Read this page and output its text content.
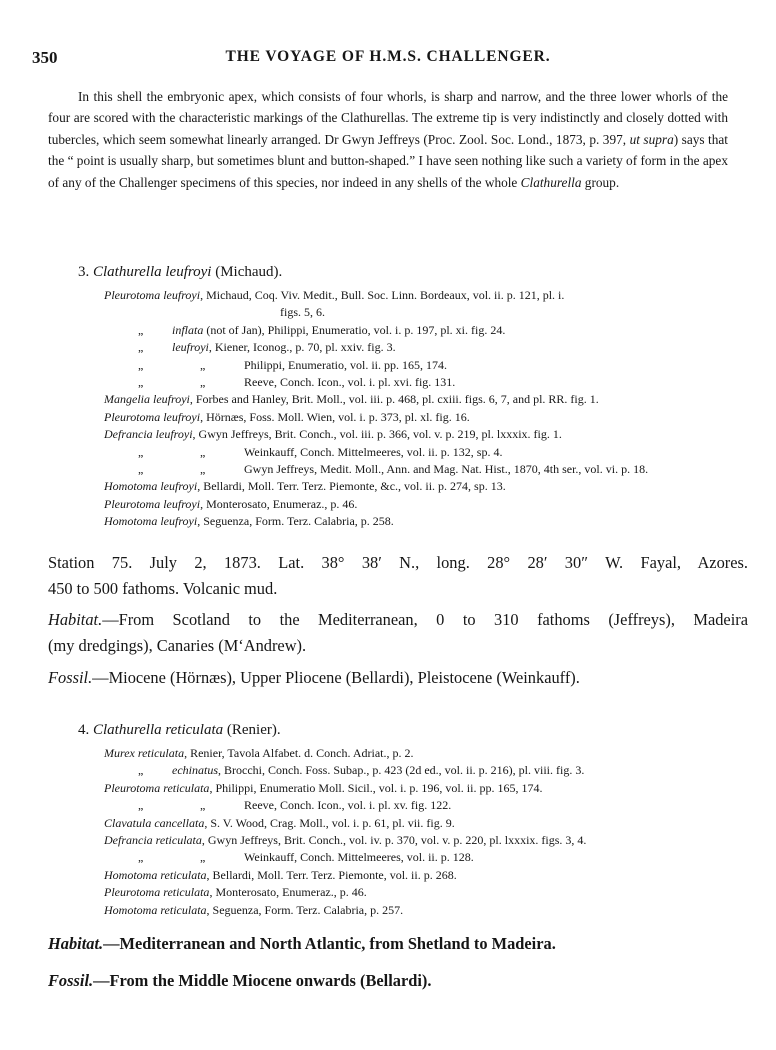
350	THE VOYAGE OF H.M.S. CHALLENGER.

In this shell the embryonic apex, which consists of four whorls, is sharp and narrow, and the three lower whorls of the four are scored with the characteristic markings of the Clathurellas. The extreme tip is very indistinctly and closely dotted with tubercles, which seem somewhat linearly arranged. Dr Gwyn Jeffreys (Proc. Zool. Soc. Lond., 1873, p. 397, ut supra) says that the “ point is usually sharp, but sometimes blunt and button-shaped.” I have seen nothing like such a variety of form in the apex of any of the Challenger specimens of this species, nor indeed in any shells of the whole Clathurella group.

3. Clathurella leufroyi (Michaud).
Pleurotoma leufroyi, Michaud, Coq. Viv. Medit., Bull. Soc. Linn. Bordeaux, vol. ii. p. 121, pl. i.
figs. 5, 6.
„ inflata (not of Jan), Philippi, Enumeratio, vol. i. p. 197, pl. xi. fig. 24.
„ leufroyi, Kiener, Iconog., p. 70, pl. xxiv. fig. 3.
„	„	Philippi, Enumeratio, vol. ii. pp. 165, 174.
„	„	Reeve, Conch. Icon., vol. i. pl. xvi. fig. 131.
Mangelia leufroyi, Forbes and Hanley, Brit. Moll., vol. iii. p. 468, pl. cxiii. figs. 6, 7, and pl. RR. fig. 1.
Pleurotoma leufroyi, Hörnæs, Foss. Moll. Wien, vol. i. p. 373, pl. xl. fig. 16.
Defrancia leufroyi, Gwyn Jeffreys, Brit. Conch., vol. iii. p. 366, vol. v. p. 219, pl. lxxxix. fig. 1.
„	„	Weinkauff, Conch. Mittelmeeres, vol. ii. p. 132, sp. 4.
„	„	Gwyn Jeffreys, Medit. Moll., Ann. and Mag. Nat. Hist., 1870, 4th ser., vol. vi. p. 18.
Homotoma leufroyi, Bellardi, Moll. Terr. Terz. Piemonte, &c., vol. ii. p. 274, sp. 13.
Pleurotoma leufroyi, Monterosato, Enumeraz., p. 46.
Homotoma leufroyi, Seguenza, Form. Terz. Calabria, p. 258.
Station 75. July 2, 1873. Lat. 38° 38′ N., long. 28° 28′ 30″ W. Fayal, Azores.
450 to 500 fathoms. Volcanic mud.
Habitat.—From Scotland to the Mediterranean, 0 to 310 fathoms (Jeffreys), Madeira
(my dredgings), Canaries (M‘Andrew).
Fossil.—Miocene (Hörnæs), Upper Pliocene (Bellardi), Pleistocene (Weinkauff).
4. Clathurella reticulata (Renier).
Murex reticulata, Renier, Tavola Alfabet. d. Conch. Adriat., p. 2.
„ echinatus, Brocchi, Conch. Foss. Subap., p. 423 (2d ed., vol. ii. p. 216), pl. viii. fig. 3.
Pleurotoma reticulata, Philippi, Enumeratio Moll. Sicil., vol. i. p. 196, vol. ii. pp. 165, 174.
„	„	Reeve, Conch. Icon., vol. i. pl. xv. fig. 122.
Clavatula cancellata, S. V. Wood, Crag. Moll., vol. i. p. 61, pl. vii. fig. 9.
Defrancia reticulata, Gwyn Jeffreys, Brit. Conch., vol. iv. p. 370, vol. v. p. 220, pl. lxxxix. figs. 3, 4.
„	„	Weinkauff, Conch. Mittelmeeres, vol. ii. p. 128.
Homotoma reticulata, Bellardi, Moll. Terr. Terz. Piemonte, vol. ii. p. 268.
Pleurotoma reticulata, Monterosato, Enumeraz., p. 46.
Homotoma reticulata, Seguenza, Form. Terz. Calabria, p. 257.
Habitat.—Mediterranean and North Atlantic, from Shetland to Madeira.
Fossil.—From the Middle Miocene onwards (Bellardi).
